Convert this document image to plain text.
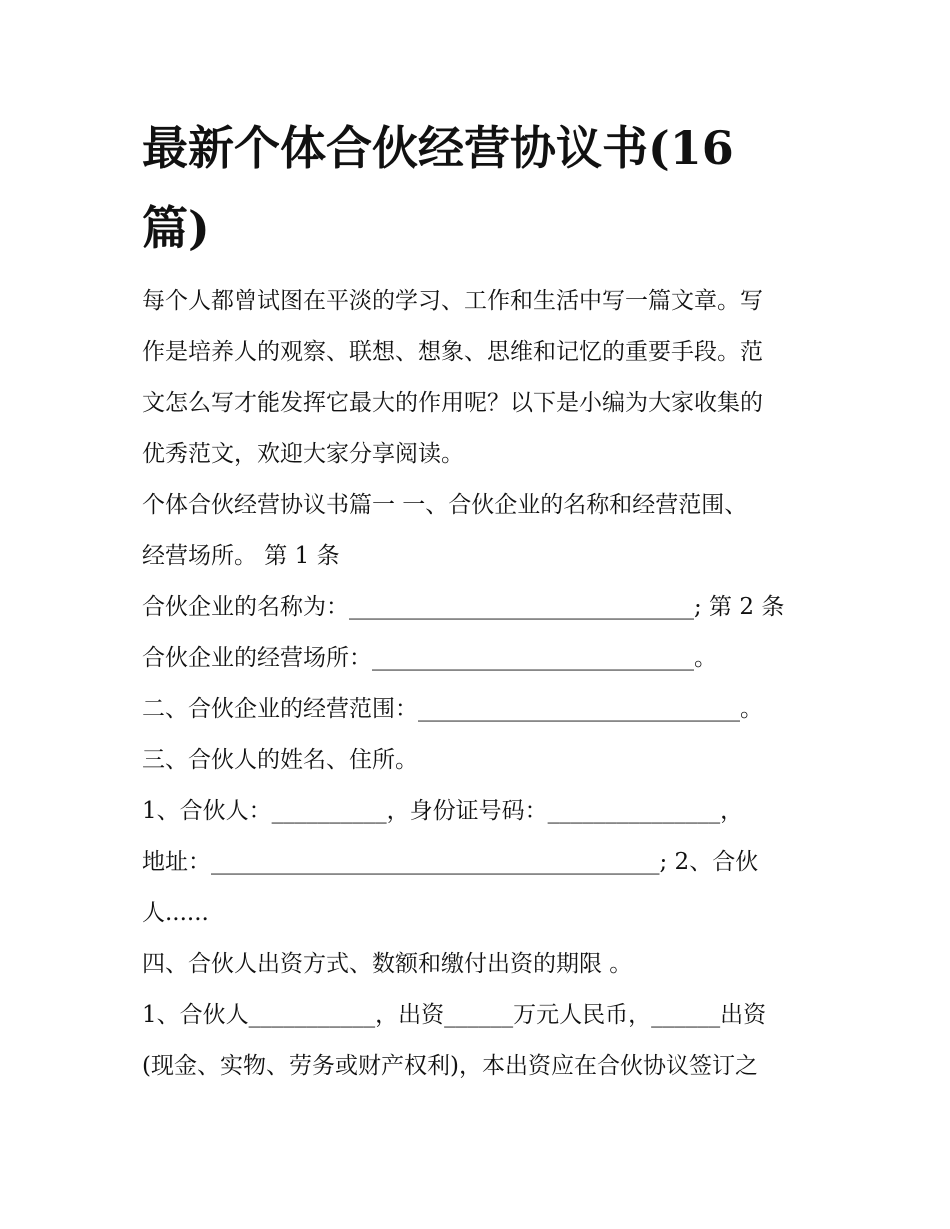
最新个体合伙经营协议书(16
篇)
每个人都曾试图在平淡的学习、工作和生活中写一篇文章。写
作是培养人的观察、联想、想象、思维和记忆的重要手段。范
文怎么写才能发挥它最大的作用呢？以下是小编为大家收集的
优秀范文，欢迎大家分享阅读。
个体合伙经营协议书篇一 一、合伙企业的名称和经营范围、
经营场所。 第 1 条
合伙企业的名称为：______________________________; 第 2 条
合伙企业的经营场所：____________________________。
二、合伙企业的经营范围：____________________________。
三、合伙人的姓名、住所。
1、合伙人：__________，身份证号码：_______________，
地址：_______________________________________; 2、合伙
人......
四、合伙人出资方式、数额和缴付出资的期限 。
1、合伙人___________，出资______万元人民币，______出资
(现金、实物、劳务或财产权利)，本出资应在合伙协议签订之
